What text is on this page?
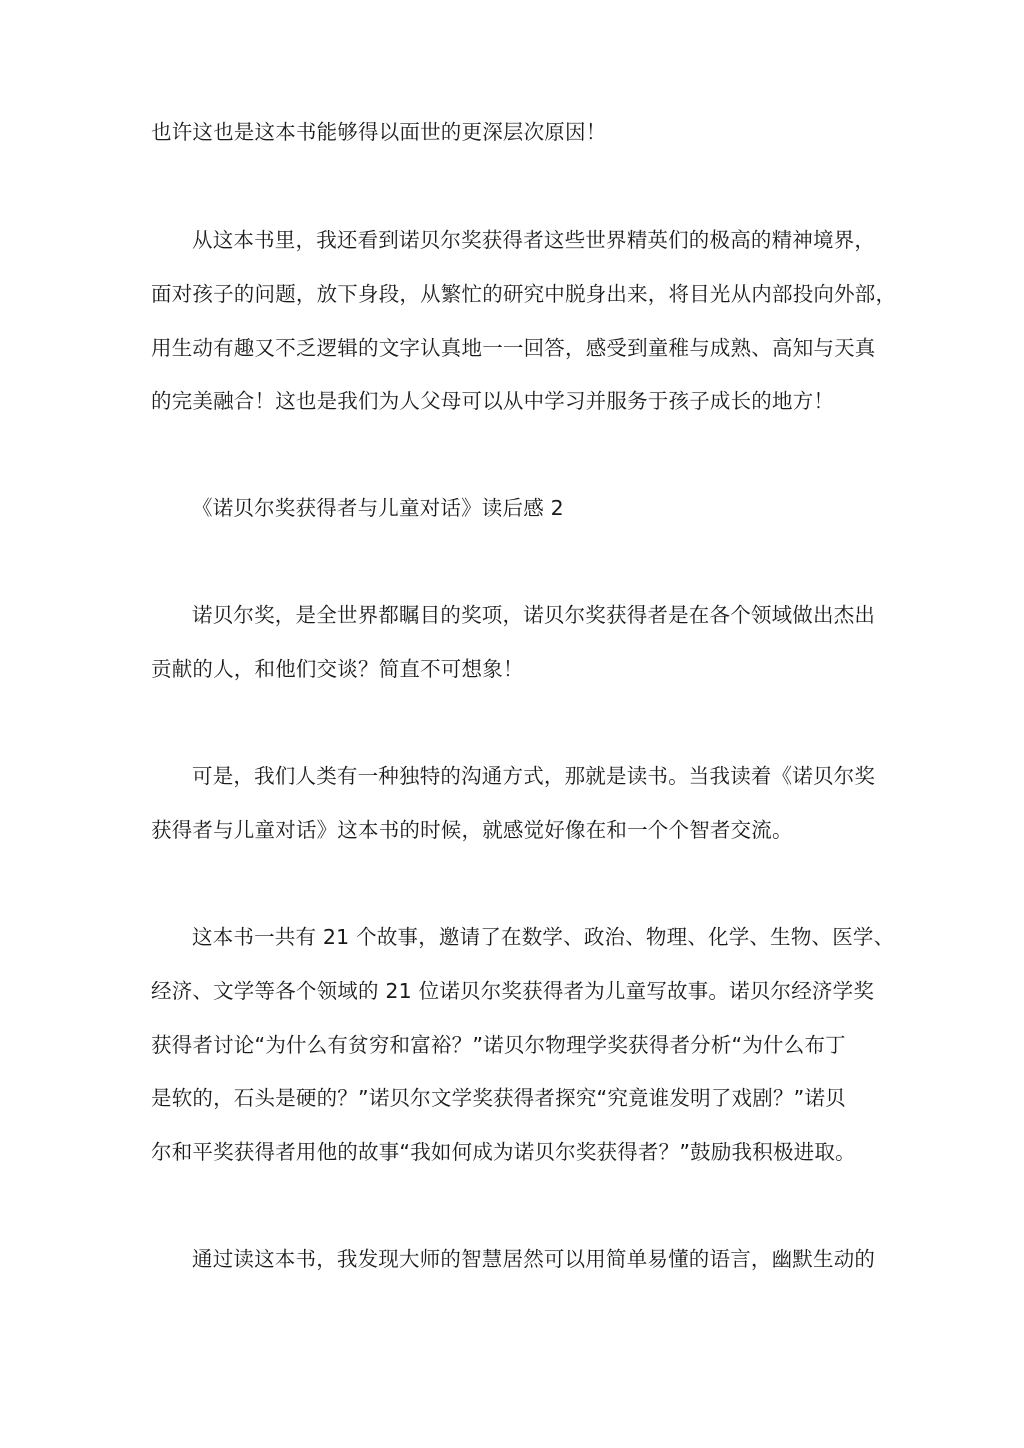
也许这也是这本书能够得以面世的更深层次原因！
从这本书里，我还看到诺贝尔奖获得者这些世界精英们的极高的精神境界，
面对孩子的问题，放下身段，从繁忙的研究中脱身出来，将目光从内部投向外部，
用生动有趣又不乏逻辑的文字认真地一一回答，感受到童稚与成熟、高知与天真
的完美融合！这也是我们为人父母可以从中学习并服务于孩子成长的地方！
《诺贝尔奖获得者与儿童对话》读后感 2
诺贝尔奖，是全世界都瞩目的奖项，诺贝尔奖获得者是在各个领域做出杰出
贡献的人，和他们交谈？简直不可想象！
可是，我们人类有一种独特的沟通方式，那就是读书。当我读着《诺贝尔奖
获得者与儿童对话》这本书的时候，就感觉好像在和一个个智者交流。
这本书一共有 21 个故事，邀请了在数学、政治、物理、化学、生物、医学、
经济、文学等各个领域的 21 位诺贝尔奖获得者为儿童写故事。诺贝尔经济学奖
获得者讨论“为什么有贫穷和富裕？”诺贝尔物理学奖获得者分析“为什么布丁
是软的，石头是硬的？”诺贝尔文学奖获得者探究“究竟谁发明了戏剧？”诺贝
尔和平奖获得者用他的故事“我如何成为诺贝尔奖获得者？”鼓励我积极进取。
通过读这本书，我发现大师的智慧居然可以用简单易懂的语言，幽默生动的
